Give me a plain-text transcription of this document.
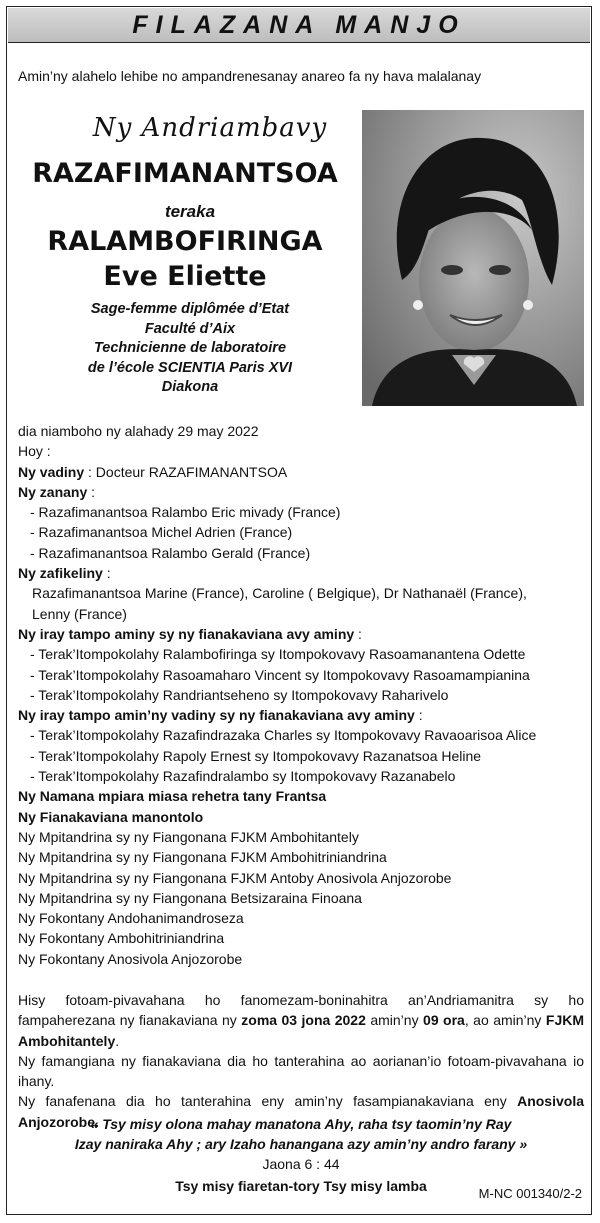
FILAZANA MANJO
Amin’ny alahelo lehibe no ampandrenesanay anareo fa ny hava malalanay
Ny Andriambavy
RAZAFIMANANTSOA
teraka
RALAMBOFIRINGA
Eve Eliette
Sage-femme diplômée d’Etat
Faculté d’Aix
Technicienne de laboratoire
de l’école SCIENTIA Paris XVI
Diakona
dia niamboho ny alahady 29 may 2022
Hoy :
Ny vadiny : Docteur RAZAFIMANANTSOA
Ny zanany :
- Razafimanantsoa Ralambo Eric mivady (France)
- Razafimanantsoa Michel Adrien (France)
- Razafimanantsoa Ralambo Gerald (France)
Ny zafikeliny :
Razafimanantsoa Marine (France), Caroline ( Belgique), Dr Nathanaël (France),
Lenny (France)
Ny iray tampo aminy sy ny fianakaviana avy aminy :
- Terak’Itompokolahy Ralambofiringa sy Itompokovavy Rasoamanantena Odette
- Terak’Itompokolahy Rasoamaharo Vincent sy Itompokovavy Rasoamampianina
- Terak’Itompokolahy Randriantseheno sy Itompokovavy Raharivelo
Ny iray tampo amin’ny vadiny sy ny fianakaviana avy aminy :
- Terak’Itompokolahy Razafindrazaka Charles sy Itompokovavy Ravaoarisoa Alice
- Terak’Itompokolahy Rapoly Ernest sy Itompokovavy Razanatsoa Heline
- Terak’Itompokolahy Razafindralambo sy Itompokovavy Razanabelo
Ny Namana mpiara miasa rehetra tany Frantsa
Ny Fianakaviana manontolo
Ny Mpitandrina sy ny Fiangonana FJKM Ambohitantely
Ny Mpitandrina sy ny Fiangonana FJKM Ambohitriniandrina
Ny Mpitandrina sy ny Fiangonana FJKM Antoby Anosivola Anjozorobe
Ny Mpitandrina sy ny Fiangonana Betsizaraina Finoana
Ny Fokontany Andohanimandroseza
Ny Fokontany Ambohitriniandrina
Ny Fokontany Anosivola Anjozorobe
Hisy fotoam-pivavahana ho fanomezam-boninahitra an’Andriamanitra sy ho fampaherezana ny fianakaviana ny zoma 03 jona 2022 amin’ny 09 ora, ao amin’ny FJKM Ambohitantely.
Ny famangiana ny fianakaviana dia ho tanterahina ao aorianan’io fotoam-pivavahana io ihany.
Ny fanafenana dia ho tanterahina eny amin’ny fasampianakaviana eny Anosivola Anjozorobe.
« Tsy misy olona mahay manatona Ahy, raha tsy taomin’ny Ray
Izay naniraka Ahy ; ary Izaho hanangana azy amin’ny andro farany »
Jaona 6 : 44
Tsy misy fiaretan-tory Tsy misy lamba	M-NC 001340/2-2
